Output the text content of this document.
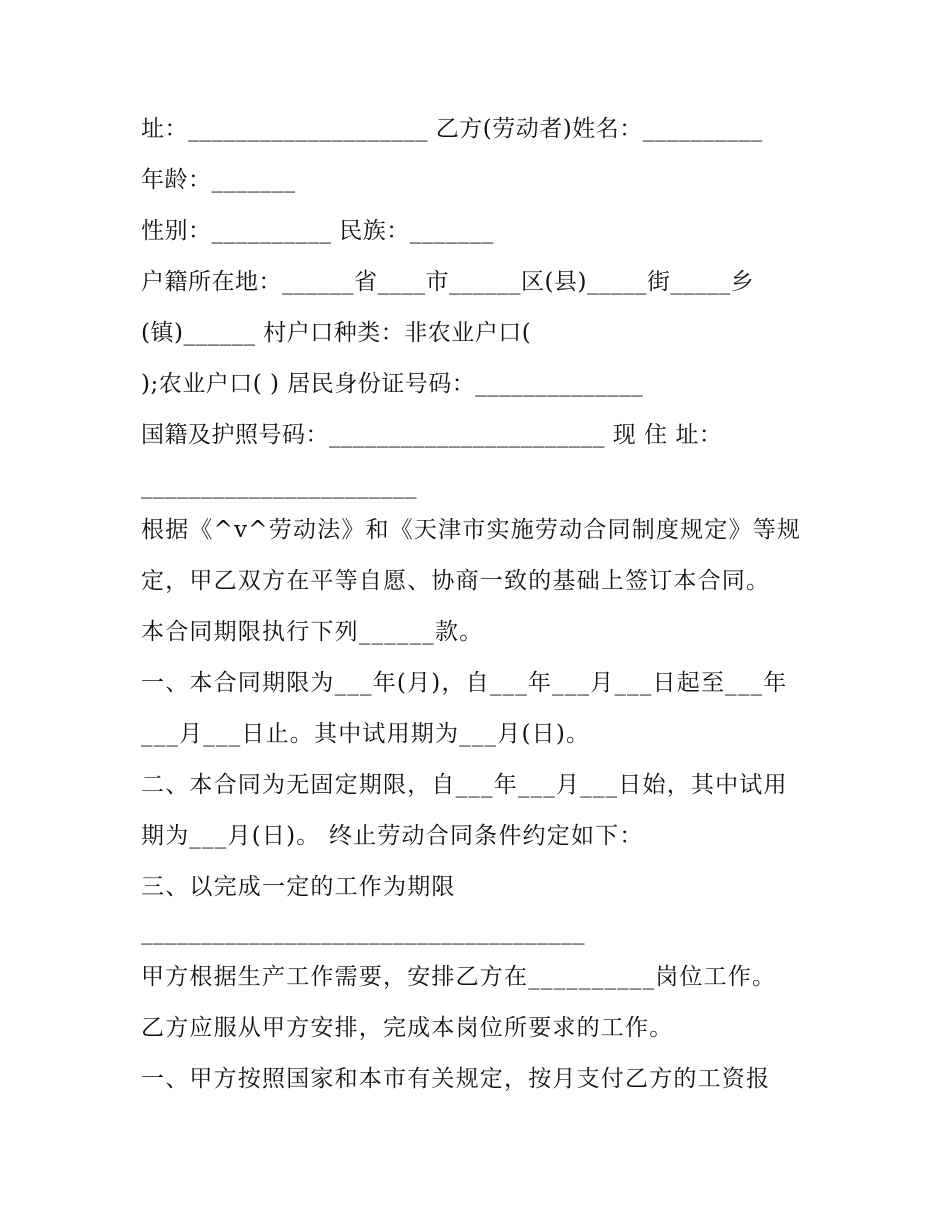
址：____________________ 乙方(劳动者)姓名：__________
年龄：_______
性别：__________ 民族：_______
户籍所在地：______省____市______区(县)_____街_____乡
(镇)______ 村户口种类：非农业户口(
);农业户口( ) 居民身份证号码：______________
国籍及护照号码：_______________________ 现 住 址：
_______________________
根据《^v^劳动法》和《天津市实施劳动合同制度规定》等规
定，甲乙双方在平等自愿、协商一致的基础上签订本合同。
本合同期限执行下列______款。
一、本合同期限为___年(月)，自___年___月___日起至___年
___月___日止。其中试用期为___月(日)。
二、本合同为无固定期限，自___年___月___日始，其中试用
期为___月(日)。 终止劳动合同条件约定如下：
三、以完成一定的工作为期限
_____________________________________
甲方根据生产工作需要，安排乙方在__________岗位工作。
乙方应服从甲方安排，完成本岗位所要求的工作。
一、甲方按照国家和本市有关规定，按月支付乙方的工资报
